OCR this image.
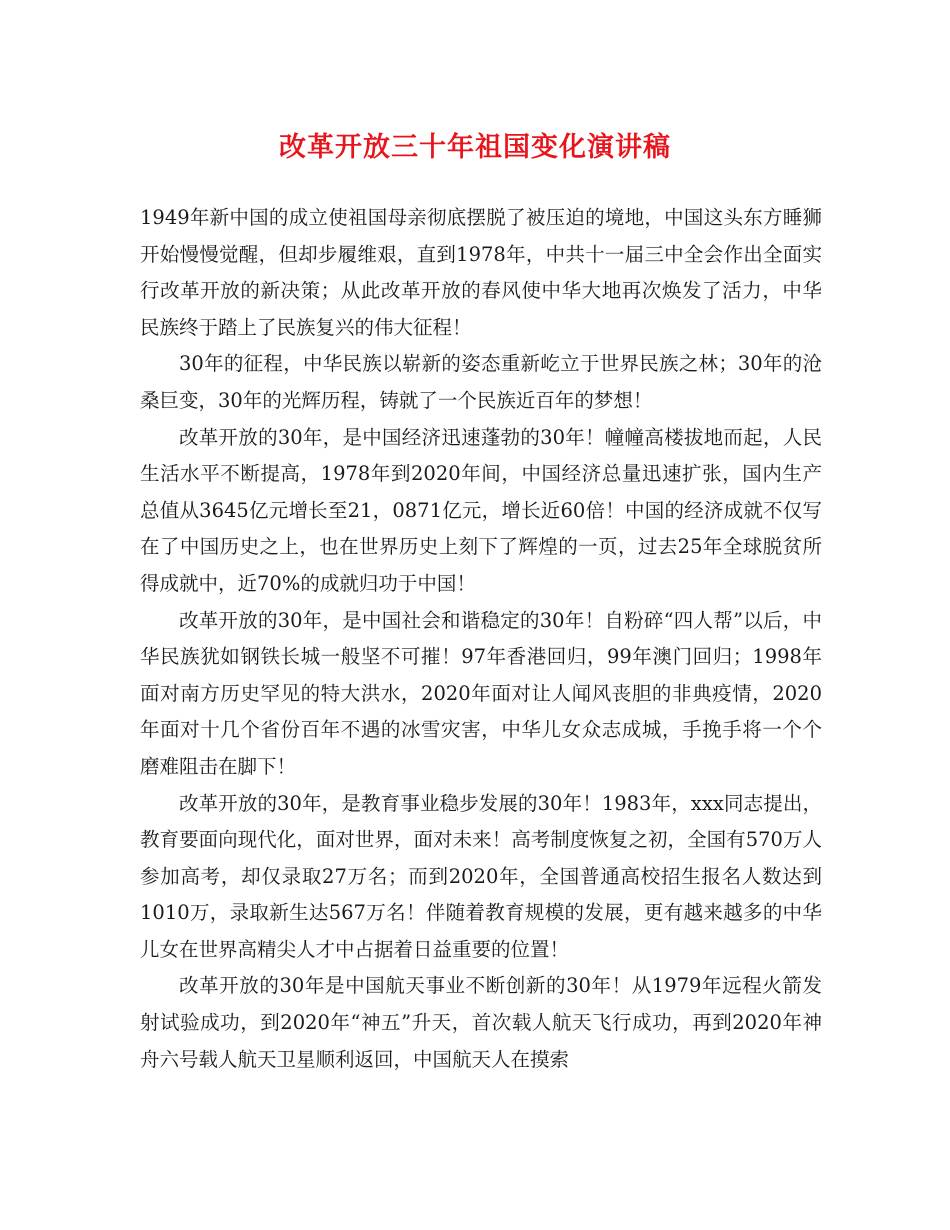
改革开放三十年祖国变化演讲稿

1949年新中国的成立使祖国母亲彻底摆脱了被压迫的境地，中国这头东方睡狮开始慢慢觉醒，但却步履维艰，直到1978年，中共十一届三中全会作出全面实行改革开放的新决策；从此改革开放的春风使中华大地再次焕发了活力，中华民族终于踏上了民族复兴的伟大征程！

30年的征程，中华民族以崭新的姿态重新屹立于世界民族之林；30年的沧桑巨变，30年的光辉历程，铸就了一个民族近百年的梦想！

改革开放的30年，是中国经济迅速蓬勃的30年！幢幢高楼拔地而起，人民生活水平不断提高，1978年到2020年间，中国经济总量迅速扩张，国内生产总值从3645亿元增长至21，0871亿元，增长近60倍！中国的经济成就不仅写在了中国历史之上，也在世界历史上刻下了辉煌的一页，过去25年全球脱贫所得成就中，近70%的成就归功于中国！

改革开放的30年，是中国社会和谐稳定的30年！自粉碎“四人帮”以后，中华民族犹如钢铁长城一般坚不可摧！97年香港回归，99年澳门回归；1998年面对南方历史罕见的特大洪水，2020年面对让人闻风丧胆的非典疫情，2020年面对十几个省份百年不遇的冰雪灾害，中华儿女众志成城，手挽手将一个个磨难阻击在脚下！

改革开放的30年，是教育事业稳步发展的30年！1983年，xxx同志提出，教育要面向现代化，面对世界，面对未来！高考制度恢复之初，全国有570万人参加高考，却仅录取27万名；而到2020年，全国普通高校招生报名人数达到1010万，录取新生达567万名！伴随着教育规模的发展，更有越来越多的中华儿女在世界高精尖人才中占据着日益重要的位置！

改革开放的30年是中国航天事业不断创新的30年！从1979年远程火箭发射试验成功，到2020年“神五”升天，首次载人航天飞行成功，再到2020年神舟六号载人航天卫星顺利返回，中国航天人在摸索
